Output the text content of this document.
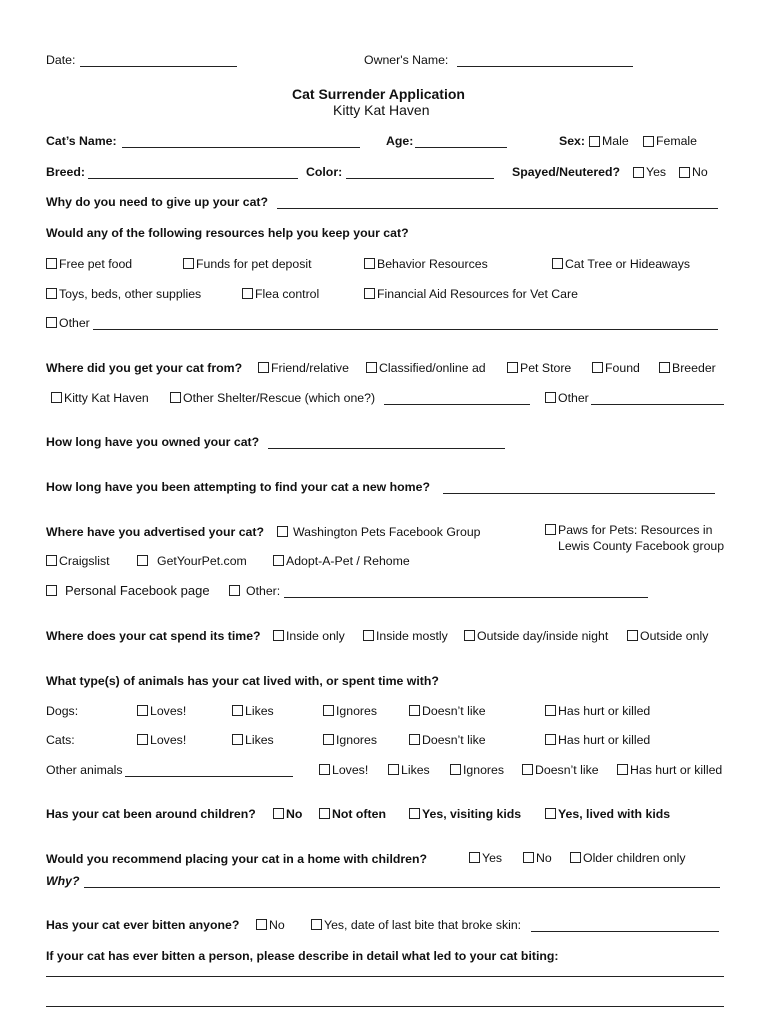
Date:	Owner's Name:
Cat Surrender Application
Kitty Kat Haven
Cat’s Name:	Age:	Sex: Male Female
Breed:	Color:	Spayed/Neutered? Yes No
Why do you need to give up your cat?
Would any of the following resources help you keep your cat?
Free pet food	Funds for pet deposit	Behavior Resources	Cat Tree or Hideaways
Toys, beds, other supplies	Flea control	Financial Aid Resources for Vet Care
Other
Where did you get your cat from? Friend/relative Classified/online ad	Pet Store	Found	Breeder
Kitty Kat Haven	Other Shelter/Rescue (which one?)	Other
How long have you owned your cat?
How long have you been attempting to find your cat a new home?
Where have you advertised your cat? Washington Pets Facebook Group	Paws for Pets: Resources in
Lewis County Facebook group
Craigslist	GetYourPet.com	Adopt-A-Pet / Rehome
Personal Facebook page	Other:
Where does your cat spend its time? Inside only	Inside mostly Outside day/inside night	Outside only
What type(s) of animals has your cat lived with, or spent time with?
Dogs:	Loves!	Likes	Ignores	Doesn’t like	Has hurt or killed
Cats:	Loves!	Likes	Ignores	Doesn’t like	Has hurt or killed
Other animals	Loves!	Likes	Ignores	Doesn’t like	Has hurt or killed
Has your cat been around children? No Not often	Yes, visiting kids	Yes, lived with kids
Would you recommend placing your cat in a home with children?	Yes	No	Older children only
Why?
Has your cat ever bitten anyone? No	Yes, date of last bite that broke skin:
If your cat has ever bitten a person, please describe in detail what led to your cat biting:
